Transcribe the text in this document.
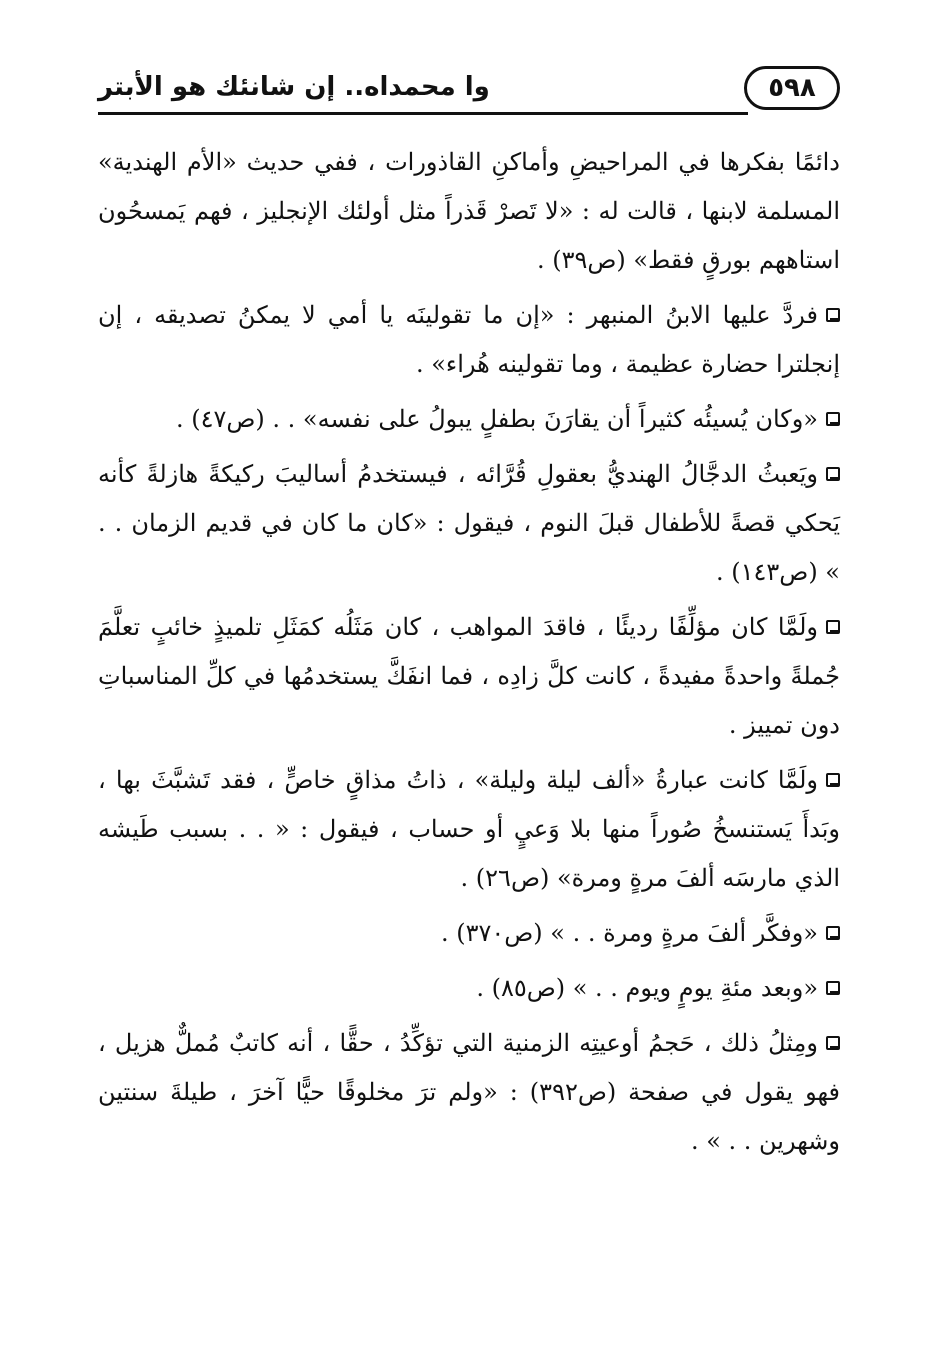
وا محمداه.. إن شانئك هو الأبتر	٥٩٨

دائمًا بفكرها في المراحيضِ وأماكنِ القاذورات ، ففي حديث «الأم الهندية» المسلمة لابنها ، قالت له : «لا تَصرْ قَذراً مثل أولئك الإنجليز ، فهم يَمسحُون استاههم بورقٍ فقط» (ص٣٩) .

فردَّ عليها الابنُ المنبهر : «إن ما تقولينَه يا أمي لا يمكنُ تصديقه ، إن إنجلترا حضارة عظيمة ، وما تقولينه هُراء» .

«وكان يُسيئُه كثيراً أن يقارَنَ بطفلٍ يبولُ على نفسه» . . (ص٤٧) .

ويَعبثُ الدجَّالُ الهنديُّ بعقولِ قُرَّائه ، فيستخدمُ أساليبَ ركيكةً هازلةً كأنه يَحكي قصةً للأطفال قبلَ النوم ، فيقول : «كان ما كان في قديم الزمان . . » (ص١٤٣) .

ولَمَّا كان مؤلِّفًا رديئًا ، فاقدَ المواهب ، كان مَثَلُه كمَثَلِ تلميذٍ خائبٍ تعلَّمَ جُملةً واحدةً مفيدةً ، كانت كلَّ زادِه ، فما انفَكَّ يستخدمُها في كلِّ المناسباتِ دون تمييز .

ولَمَّا كانت عبارةُ «ألف ليلة وليلة» ، ذاتُ مذاقٍ خاصٍّ ، فقد تَشبَّثَ بها ، وبَدأَ يَستنسخُ صُوراً منها بلا وَعيٍ أو حساب ، فيقول : « . . بسبب طَيشه الذي مارسَه ألفَ مرةٍ ومرة» (ص٢٦) .

«وفكَّر ألفَ مرةٍ ومرة . . » (ص٣٧٠) .

«وبعد مئةِ يومٍ ويوم . . » (ص٨٥) .

ومِثلُ ذلك ، حَجمُ أوعيتِه الزمنية التي تؤكِّدُ ، حقًّا ، أنه كاتبٌ مُملٌّ هزيل ، فهو يقول في صفحة (ص٣٩٢) : «ولم ترَ مخلوقًا حيًّا آخرَ ، طيلةَ سنتين وشهرين . . » .
